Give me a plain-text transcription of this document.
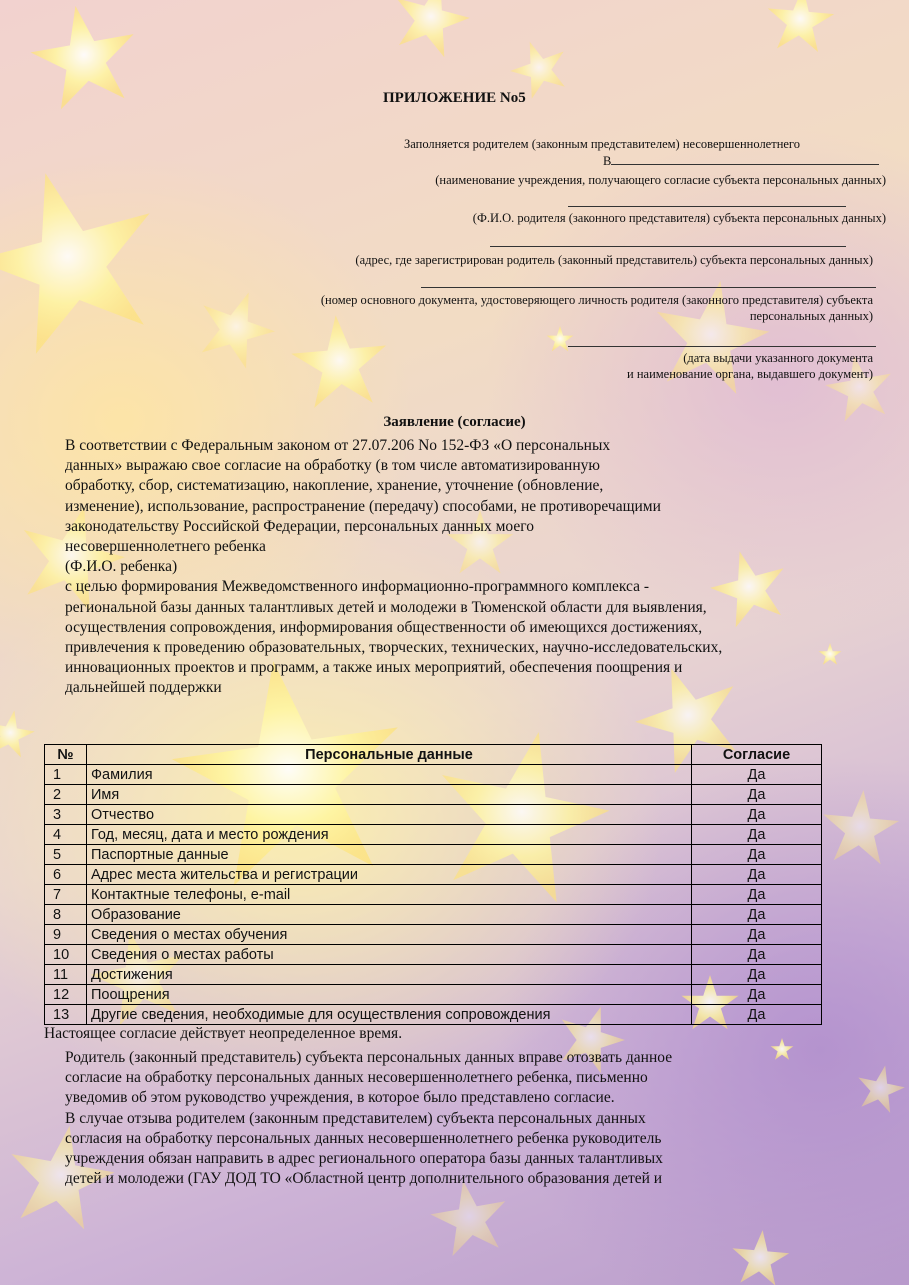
ПРИЛОЖЕНИЕ No5
Заполняется родителем (законным представителем) несовершеннолетнего
В
(наименование учреждения, получающего согласие субъекта персональных данных)
(Ф.И.О. родителя (законного представителя) субъекта персональных данных)
(адрес, где зарегистрирован родитель (законный представитель) субъекта персональных данных)
(номер основного документа, удостоверяющего личность родителя (законного представителя) субъекта
персональных данных)
(дата выдачи указанного документа
и наименование органа, выдавшего документ)
Заявление (согласие)
В соответствии с Федеральным законом от 27.07.206 No 152-ФЗ «О персональных
данных» выражаю свое согласие на обработку (в том числе автоматизированную
обработку, сбор, систематизацию, накопление, хранение, уточнение (обновление,
изменение), использование, распространение (передачу) способами, не противоречащими
законодательству Российской Федерации, персональных данных моего
несовершеннолетнего ребенка
(Ф.И.О. ребенка)
с целью формирования Межведомственного информационно-программного комплекса -
региональной базы данных талантливых детей и молодежи в Тюменской области для выявления,
осуществления сопровождения, информирования общественности об имеющихся достижениях,
привлечения к проведению образовательных, творческих, технических, научно-исследовательских,
инновационных проектов и программ, а также иных мероприятий, обеспечения поощрения и
дальнейшей поддержки
№	Персональные данные	Согласие
1	Фамилия	Да
2	Имя	Да
3	Отчество	Да
4	Год, месяц, дата и место рождения	Да
5	Паспортные данные	Да
6	Адрес места жительства и регистрации	Да
7	Контактные телефоны, e-mail	Да
8	Образование	Да
9	Сведения о местах обучения	Да
10	Сведения о местах работы	Да
11	Достижения	Да
12	Поощрения	Да
13	Другие сведения, необходимые для осуществления сопровождения	Да
Настоящее согласие действует неопределенное время.
Родитель (законный представитель) субъекта персональных данных вправе отозвать данное
согласие на обработку персональных данных несовершеннолетнего ребенка, письменно
уведомив об этом руководство учреждения, в которое было представлено согласие.
В случае отзыва родителем (законным представителем) субъекта персональных данных
согласия на обработку персональных данных несовершеннолетнего ребенка руководитель
учреждения обязан направить в адрес регионального оператора базы данных талантливых
детей и молодежи (ГАУ ДОД ТО «Областной центр дополнительного образования детей и
